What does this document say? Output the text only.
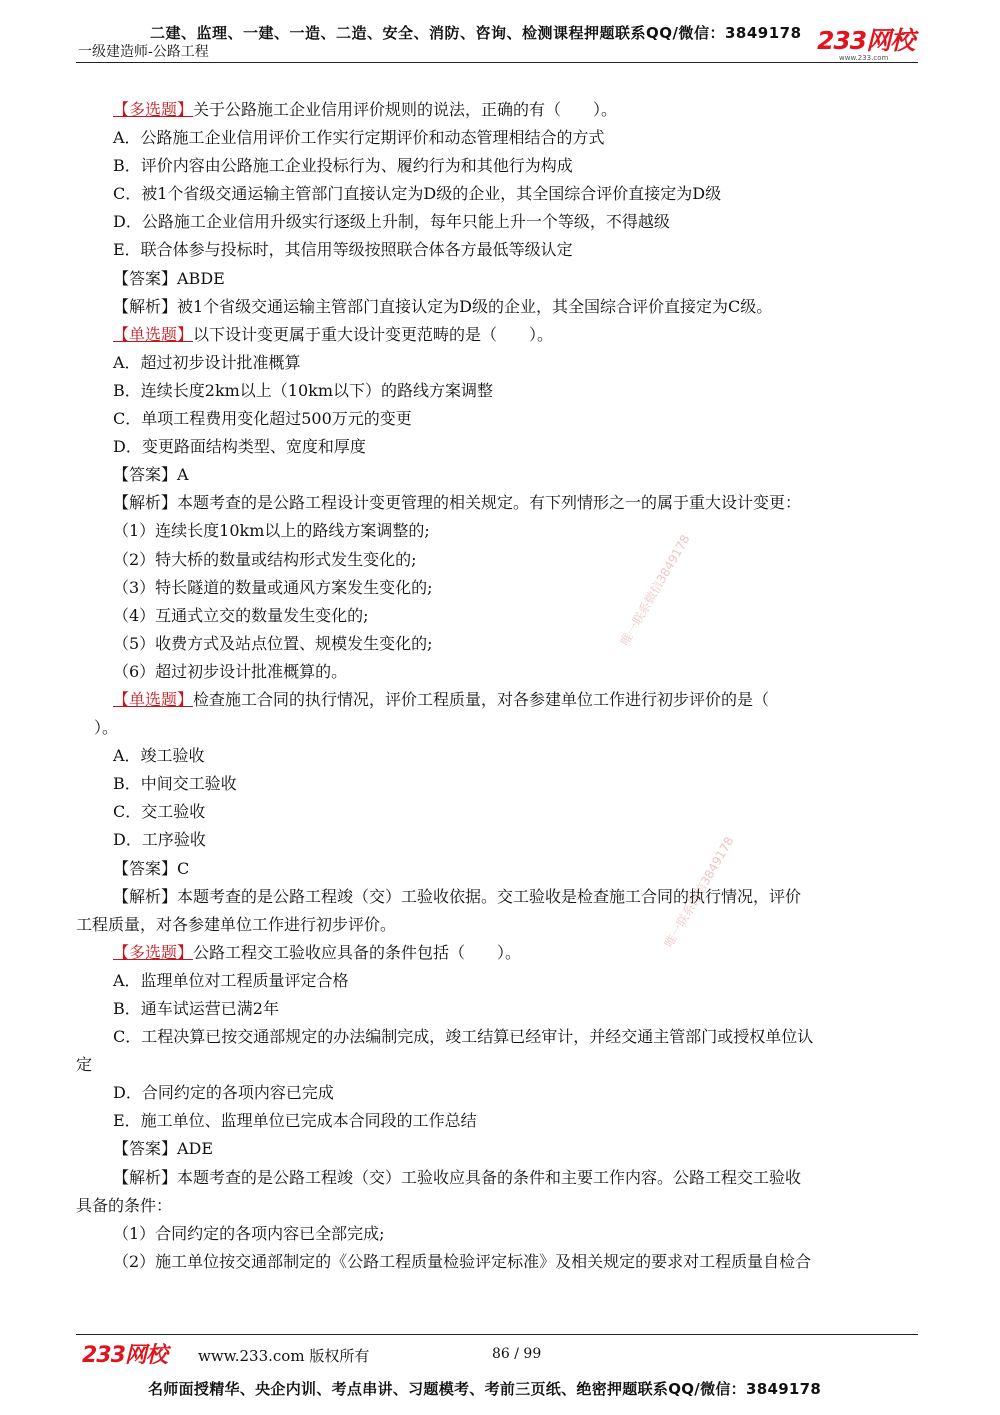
二建、监理、一建、一造、二造、安全、消防、咨询、检测课程押题联系QQ/微信：3849178
一级建造师-公路工程	233网校
www.233.com
唯一联系微信3849178
唯一联系微信3849178
【多选题】关于公路施工企业信用评价规则的说法，正确的有（　　）。
A．公路施工企业信用评价工作实行定期评价和动态管理相结合的方式
B．评价内容由公路施工企业投标行为、履约行为和其他行为构成
C．被1个省级交通运输主管部门直接认定为D级的企业，其全国综合评价直接定为D级
D．公路施工企业信用升级实行逐级上升制，每年只能上升一个等级，不得越级
E．联合体参与投标时，其信用等级按照联合体各方最低等级认定
【答案】ABDE
【解析】被1个省级交通运输主管部门直接认定为D级的企业，其全国综合评价直接定为C级。
【单选题】以下设计变更属于重大设计变更范畴的是（　　）。
A．超过初步设计批准概算
B．连续长度2km以上（10km以下）的路线方案调整
C．单项工程费用变化超过500万元的变更
D．变更路面结构类型、宽度和厚度
【答案】A
【解析】本题考查的是公路工程设计变更管理的相关规定。有下列情形之一的属于重大设计变更：
（1）连续长度10km以上的路线方案调整的;
（2）特大桥的数量或结构形式发生变化的;
（3）特长隧道的数量或通风方案发生变化的;
（4）互通式立交的数量发生变化的;
（5）收费方式及站点位置、规模发生变化的;
（6）超过初步设计批准概算的。
【单选题】检查施工合同的执行情况，评价工程质量，对各参建单位工作进行初步评价的是（
）。
A．竣工验收
B．中间交工验收
C．交工验收
D．工序验收
【答案】C
【解析】本题考查的是公路工程竣（交）工验收依据。交工验收是检查施工合同的执行情况，评价
工程质量，对各参建单位工作进行初步评价。
【多选题】公路工程交工验收应具备的条件包括（　　）。
A．监理单位对工程质量评定合格
B．通车试运营已满2年
C．工程决算已按交通部规定的办法编制完成，竣工结算已经审计，并经交通主管部门或授权单位认
定
D．合同约定的各项内容已完成
E．施工单位、监理单位已完成本合同段的工作总结
【答案】ADE
【解析】本题考查的是公路工程竣（交）工验收应具备的条件和主要工作内容。公路工程交工验收
具备的条件：
（1）合同约定的各项内容已全部完成;
（2）施工单位按交通部制定的《公路工程质量检验评定标准》及相关规定的要求对工程质量自检合
233网校 www.233.com 版权所有	86 / 99
名师面授精华、央企内训、考点串讲、习题模考、考前三页纸、绝密押题联系QQ/微信：3849178
